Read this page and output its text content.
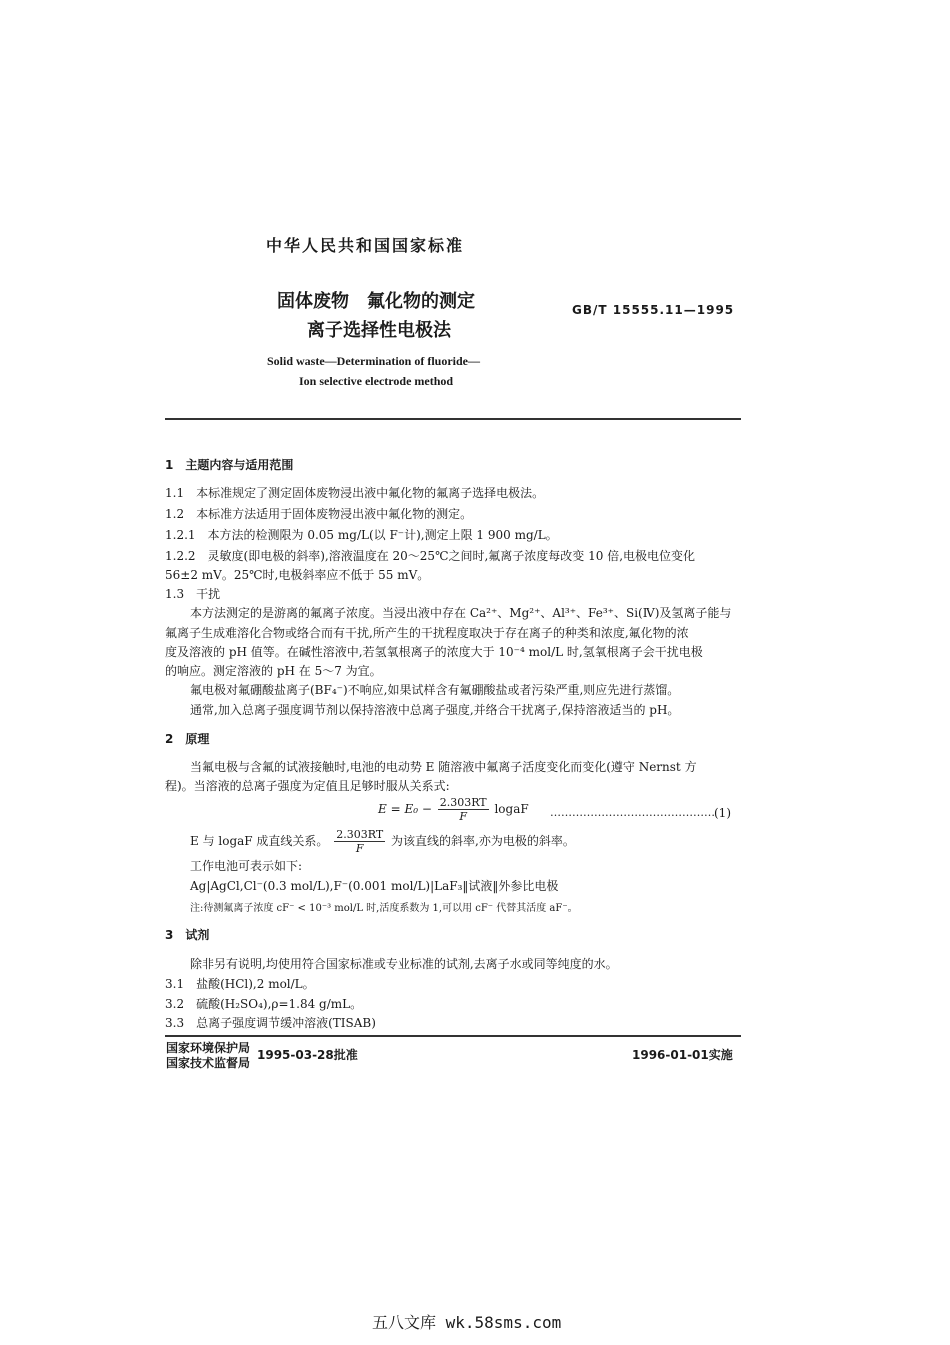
中华人民共和国国家标准
固体废物　氟化物的测定
离子选择性电极法
GB/T 15555.11—1995
Solid waste—Determination of fluoride—
Ion selective electrode method
1　主题内容与适用范围
1.1　本标准规定了测定固体废物浸出液中氟化物的氟离子选择电极法。
1.2　本标准方法适用于固体废物浸出液中氟化物的测定。
1.2.1　本方法的检测限为 0.05 mg/L(以 F⁻计),测定上限 1 900 mg/L。
1.2.2　灵敏度(即电极的斜率),溶液温度在 20～25℃之间时,氟离子浓度每改变 10 倍,电极电位变化
56±2 mV。25℃时,电极斜率应不低于 55 mV。
1.3　干扰
本方法测定的是游离的氟离子浓度。当浸出液中存在 Ca²⁺、Mg²⁺、Al³⁺、Fe³⁺、Si(Ⅳ)及氢离子能与
氟离子生成难溶化合物或络合而有干扰,所产生的干扰程度取决于存在离子的种类和浓度,氟化物的浓
度及溶液的 pH 值等。在碱性溶液中,若氢氧根离子的浓度大于 10⁻⁴ mol/L 时,氢氧根离子会干扰电极
的响应。测定溶液的 pH 在 5～7 为宜。
氟电极对氟硼酸盐离子(BF₄⁻)不响应,如果试样含有氟硼酸盐或者污染严重,则应先进行蒸馏。
通常,加入总离子强度调节剂以保持溶液中总离子强度,并络合干扰离子,保持溶液适当的 pH。
2　原理
当氟电极与含氟的试液接触时,电池的电动势 E 随溶液中氟离子活度变化而变化(遵守 Nernst 方
程)。当溶液的总离子强度为定值且足够时服从关系式:
$E = E_0 - \frac{2.303RT}{F}$ logaF ……………………………………… (1)
E 与 logaF 成直线关系。 $\frac{2.303RT}{F}$ 为该直线的斜率,亦为电极的斜率。
工作电池可表示如下:
Ag|AgCl,Cl⁻(0.3 mol/L),F⁻(0.001 mol/L)|LaF₃‖试液‖外参比电极
注:待测氟离子浓度 cF⁻ < 10⁻³ mol/L 时,活度系数为 1,可以用 cF⁻ 代替其活度 aF⁻。
3　试剂
除非另有说明,均使用符合国家标准或专业标准的试剂,去离子水或同等纯度的水。
3.1　盐酸(HCl),2 mol/L。
3.2　硫酸(H₂SO₄),ρ=1.84 g/mL。
3.3　总离子强度调节缓冲溶液(TISAB)
国家环境保护局
国家技术监督局
1995-03-28批准	1996-01-01实施
五八文库 wk.58sms.com
